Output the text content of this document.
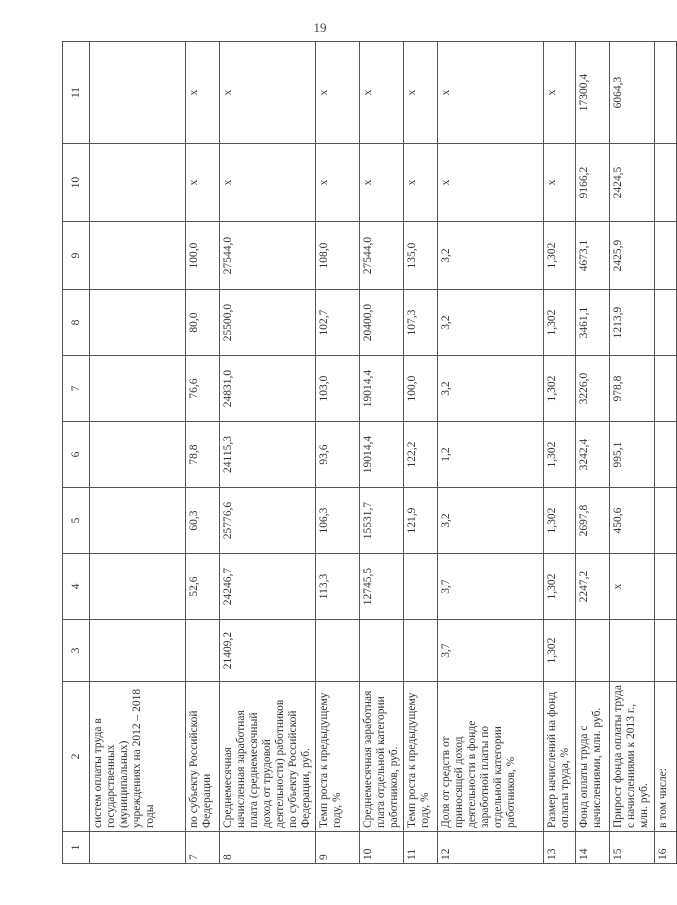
19
1	2	3	4	5	6	7	8	9	10	11
	систем оплаты труда в государственных (муниципальных) учреждениях на 2012 – 2018 годы									
7	по субъекту Российской Федерации		52,6	60,3	78,8	76,6	80,0	100,0	x	x
8	Среднемесячная начисленная заработная плата (среднемесячный доход от трудовой деятельности) работников по субъекту Российской Федерации, руб.	21409,2	24246,7	25776,6	24115,3	24831,0	25500,0	27544,0	x	x
9	Темп роста к предыдущему году, %		113,3	106,3	93,6	103,0	102,7	108,0	x	x
10	Среднемесячная заработная плата отдельной категории работников, руб.		12745,5	15531,7	19014,4	19014,4	20400,0	27544,0	x	x
11	Темп роста к предыдущему году, %			121,9	122,2	100,0	107,3	135,0	x	x
12	Доля от средств от приносящей доход деятельности в фонде заработной платы по отдельной категории работников, %	3,7	3,7	3,2	1,2	3,2	3,2	3,2	x	x
13	Размер начислений на фонд оплаты труда, %	1,302	1,302	1,302	1,302	1,302	1,302	1,302	x	x
14	Фонд оплаты труда с начислениями, млн. руб.		2247,2	2697,8	3242,4	3226,0	3461,1	4673,1	9166,2	17300,4
15	Прирост фонда оплаты труда с начислениями к 2013 г., млн. руб.		x	450,6	995,1	978,8	1213,9	2425,9	2424,5	6064,3
16	в том числе:									
